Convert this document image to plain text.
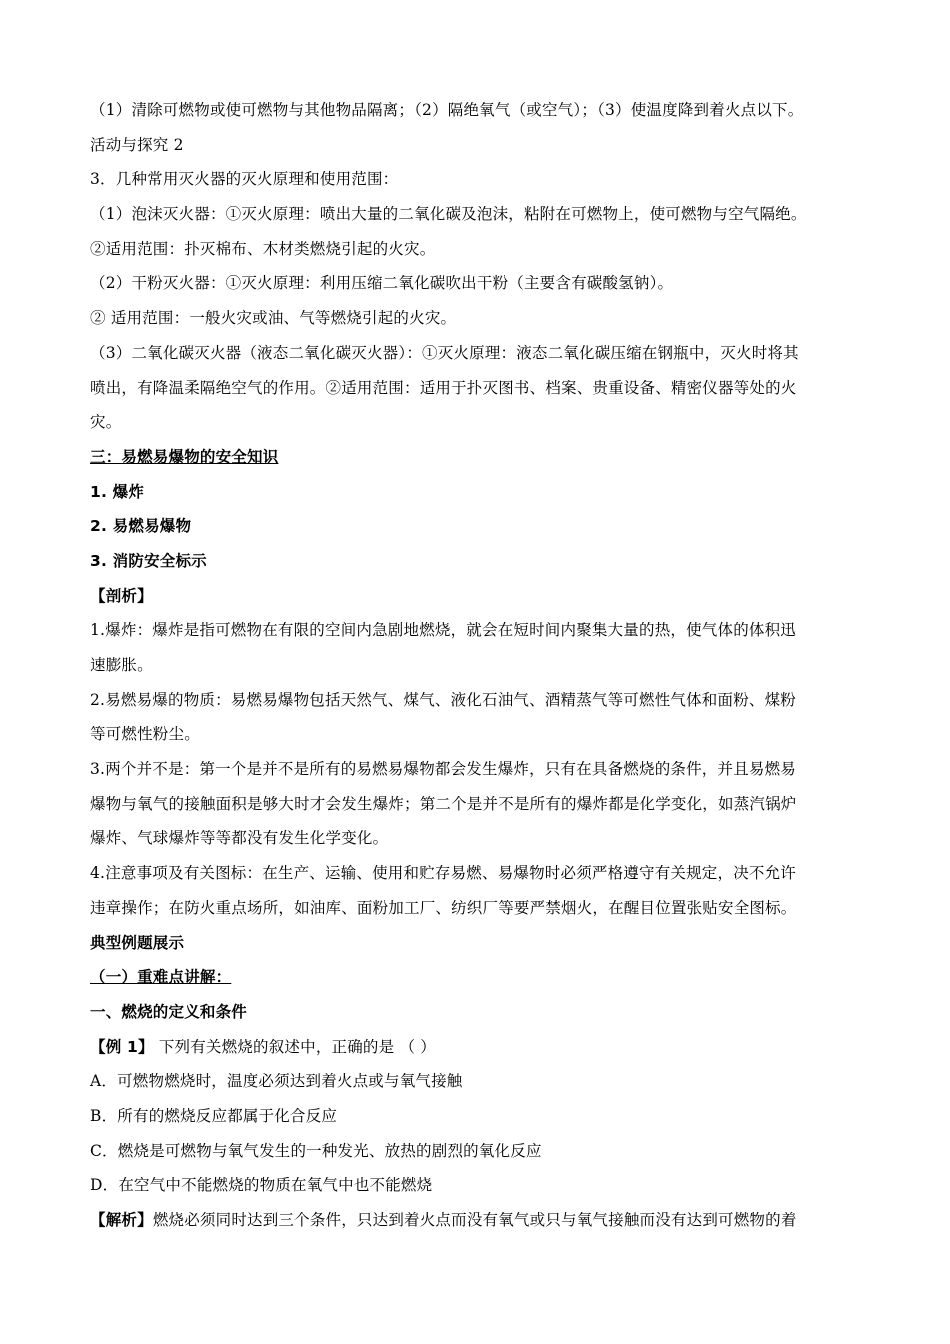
（1）清除可燃物或使可燃物与其他物品隔离；（2）隔绝氧气（或空气）；（3）使温度降到着火点以下。
活动与探究 2
3．几种常用灭火器的灭火原理和使用范围：
（1）泡沫灭火器：①灭火原理：喷出大量的二氧化碳及泡沫，粘附在可燃物上，使可燃物与空气隔绝。
②适用范围：扑灭棉布、木材类燃烧引起的火灾。
（2）干粉灭火器：①灭火原理：利用压缩二氧化碳吹出干粉（主要含有碳酸氢钠）。
② 适用范围：一般火灾或油、气等燃烧引起的火灾。
（3）二氧化碳灭火器（液态二氧化碳灭火器）：①灭火原理：液态二氧化碳压缩在钢瓶中，灭火时将其
喷出，有降温柔隔绝空气的作用。②适用范围：适用于扑灭图书、档案、贵重设备、精密仪器等处的火
灾。
三：易燃易爆物的安全知识
1. 爆炸
2. 易燃易爆物
3. 消防安全标示
【剖析】
1.爆炸：爆炸是指可燃物在有限的空间内急剧地燃烧，就会在短时间内聚集大量的热，使气体的体积迅
速膨胀。
2.易燃易爆的物质：易燃易爆物包括天然气、煤气、液化石油气、酒精蒸气等可燃性气体和面粉、煤粉
等可燃性粉尘。
3.两个并不是：第一个是并不是所有的易燃易爆物都会发生爆炸，只有在具备燃烧的条件，并且易燃易
爆物与氧气的接触面积是够大时才会发生爆炸；第二个是并不是所有的爆炸都是化学变化，如蒸汽锅炉
爆炸、气球爆炸等等都没有发生化学变化。
4.注意事项及有关图标：在生产、运输、使用和贮存易燃、易爆物时必须严格遵守有关规定，决不允许
违章操作；在防火重点场所，如油库、面粉加工厂、纺织厂等要严禁烟火，在醒目位置张贴安全图标。
典型例题展示
（一）重难点讲解：
一、燃烧的定义和条件
【例 1】 下列有关燃烧的叙述中，正确的是 （ ）
A．可燃物燃烧时，温度必须达到着火点或与氧气接触
B．所有的燃烧反应都属于化合反应
C．燃烧是可燃物与氧气发生的一种发光、放热的剧烈的氧化反应
D．在空气中不能燃烧的物质在氧气中也不能燃烧
【解析】燃烧必须同时达到三个条件，只达到着火点而没有氧气或只与氧气接触而没有达到可燃物的着
